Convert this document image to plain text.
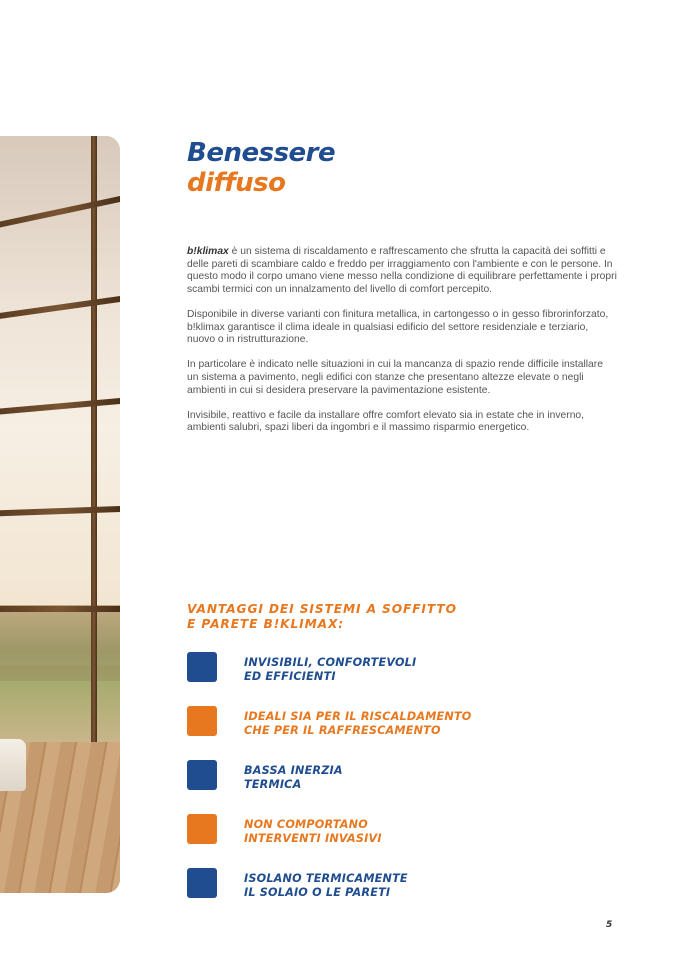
Benessere
diffuso

b!klimax è un sistema di riscaldamento e raffrescamento che sfrutta la capacità dei soffitti e delle pareti di scambiare caldo e freddo per irraggiamento con l'ambiente e con le persone. In questo modo il corpo umano viene messo nella condizione di equilibrare perfettamente i propri scambi termici con un innalzamento del livello di comfort percepito.

Disponibile in diverse varianti con finitura metallica, in cartongesso o in gesso fibrorinforzato, b!klimax garantisce il clima ideale in qualsiasi edificio del settore residenziale e terziario, nuovo o in ristrutturazione.

In particolare è indicato nelle situazioni in cui la mancanza di spazio rende difficile installare un sistema a pavimento, negli edifici con stanze che presentano altezze elevate o negli ambienti in cui si desidera preservare la pavimentazione esistente.

Invisibile, reattivo e facile da installare offre comfort elevato sia in estate che in inverno, ambienti salubri, spazi liberi da ingombri e il massimo risparmio energetico.

VANTAGGI DEI SISTEMI A SOFFITTO
E PARETE B!KLIMAX:
INVISIBILI, CONFORTEVOLI
ED EFFICIENTI
IDEALI SIA PER IL RISCALDAMENTO
CHE PER IL RAFFRESCAMENTO
BASSA INERZIA
TERMICA
NON COMPORTANO
INTERVENTI INVASIVI
ISOLANO TERMICAMENTE
IL SOLAIO O LE PARETI
5
